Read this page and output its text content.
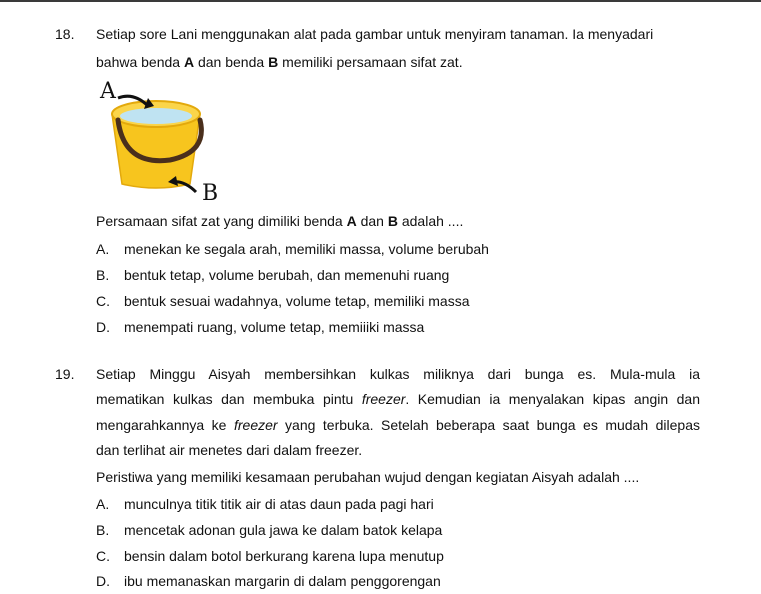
18. Setiap sore Lani menggunakan alat pada gambar untuk menyiram tanaman. Ia menyadari
bahwa benda A dan benda B memiliki persamaan sifat zat.
A
B
Persamaan sifat zat yang dimiliki benda A dan B adalah ....
A. menekan ke segala arah, memiliki massa, volume berubah
B. bentuk tetap, volume berubah, dan memenuhi ruang
C. bentuk sesuai wadahnya, volume tetap, memiliki massa
D. menempati ruang, volume tetap, memiiiki massa
19. Setiap Minggu Aisyah membersihkan kulkas miliknya dari bunga es. Mula-mula ia
mematikan kulkas dan membuka pintu freezer. Kemudian ia menyalakan kipas angin dan
mengarahkannya ke freezer yang terbuka. Setelah beberapa saat bunga es mudah dilepas
dan terlihat air menetes dari dalam freezer.
Peristiwa yang memiliki kesamaan perubahan wujud dengan kegiatan Aisyah adalah ....
A. munculnya titik titik air di atas daun pada pagi hari
B. mencetak adonan gula jawa ke dalam batok kelapa
C. bensin dalam botol berkurang karena lupa menutup
D. ibu memanaskan margarin di dalam penggorengan
